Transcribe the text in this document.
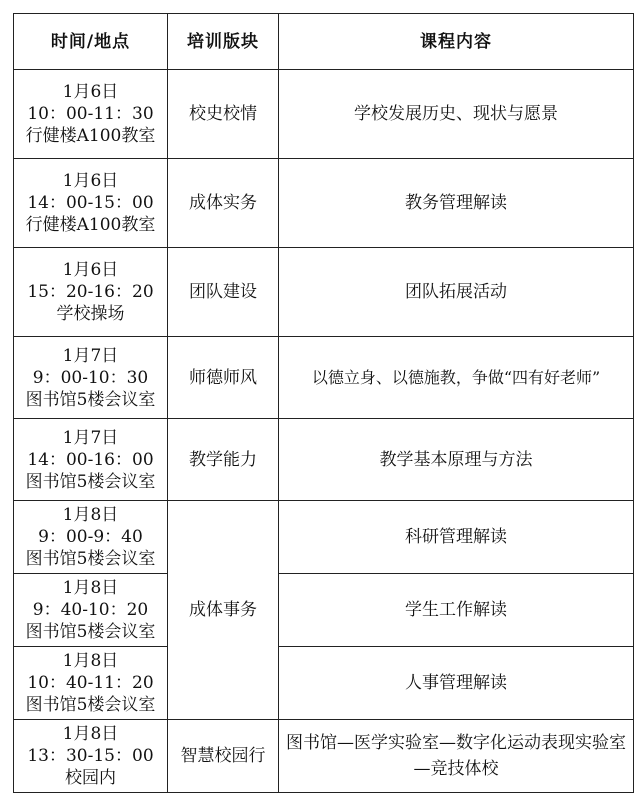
时间/地点	培训版块	课程内容

1月6日
10：00-11：30
行健楼A100教室	校史校情	学校发展历史、现状与愿景

1月6日
14：00-15：00
行健楼A100教室	成体实务	教务管理解读

1月6日
15：20-16：20
学校操场	团队建设	团队拓展活动

1月7日
9：00-10：30
图书馆5楼会议室	师德师风	以德立身、以德施教，争做“四有好老师”

1月7日
14：00-16：00
图书馆5楼会议室	教学能力	教学基本原理与方法

1月8日
9：00-9：40
图书馆5楼会议室	成体事务	科研管理解读

1月8日
9：40-10：20
图书馆5楼会议室		学生工作解读

1月8日
10：40-11：20
图书馆5楼会议室		人事管理解读

1月8日
13：30-15：00
校园内	智慧校园行	图书馆—医学实验室—数字化运动表现实验室—竞技体校
